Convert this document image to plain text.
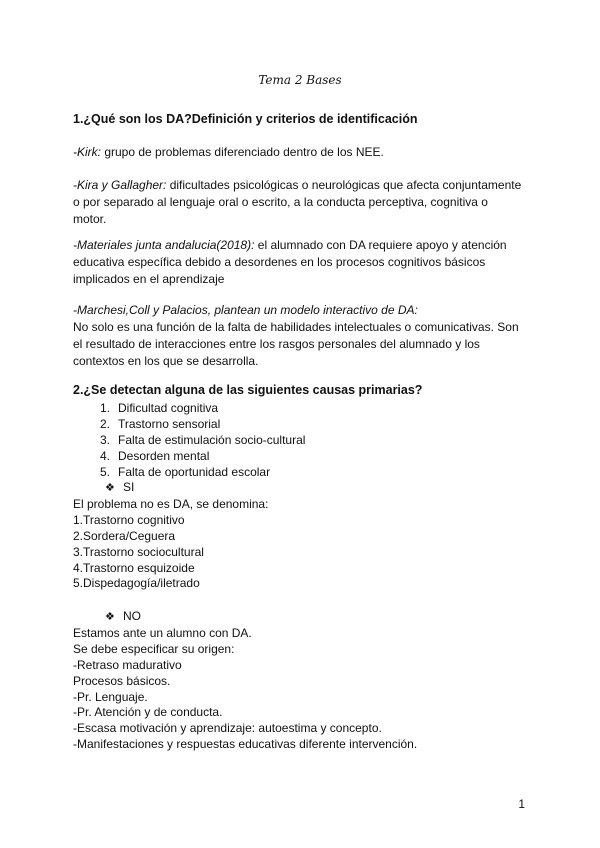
Tema 2 Bases
1.¿Qué son los DA?Definición y criterios de identificación
-Kirk: grupo de problemas diferenciado dentro de los NEE.
-Kira y Gallagher: dificultades psicológicas o neurológicas que afecta conjuntamente o por separado al lenguaje oral o escrito, a la conducta perceptiva, cognitiva o motor.
-Materiales junta andalucia(2018): el alumnado con DA requiere apoyo y atención educativa específica debido a desordenes en los procesos cognitivos básicos implicados en el aprendizaje
-Marchesi,Coll y Palacios, plantean un modelo interactivo de DA:
No solo es una función de la falta de habilidades intelectuales o comunicativas. Son el resultado de interacciones entre los rasgos personales del alumnado y los contextos en los que se desarrolla.
2.¿Se detectan alguna de las siguientes causas primarias?
1. Dificultad cognitiva
2. Trastorno sensorial
3. Falta de estimulación socio-cultural
4. Desorden mental
5. Falta de oportunidad escolar
❖ SI
El problema no es DA, se denomina:
1.Trastorno cognitivo
2.Sordera/Ceguera
3.Trastorno sociocultural
4.Trastorno esquizoide
5.Dispedagogía/iletrado
❖ NO
Estamos ante un alumno con DA.
Se debe especificar su origen:
-Retraso madurativo
Procesos básicos.
-Pr. Lenguaje.
-Pr. Atención y de conducta.
-Escasa motivación y aprendizaje: autoestima y concepto.
-Manifestaciones y respuestas educativas diferente intervención.
1
